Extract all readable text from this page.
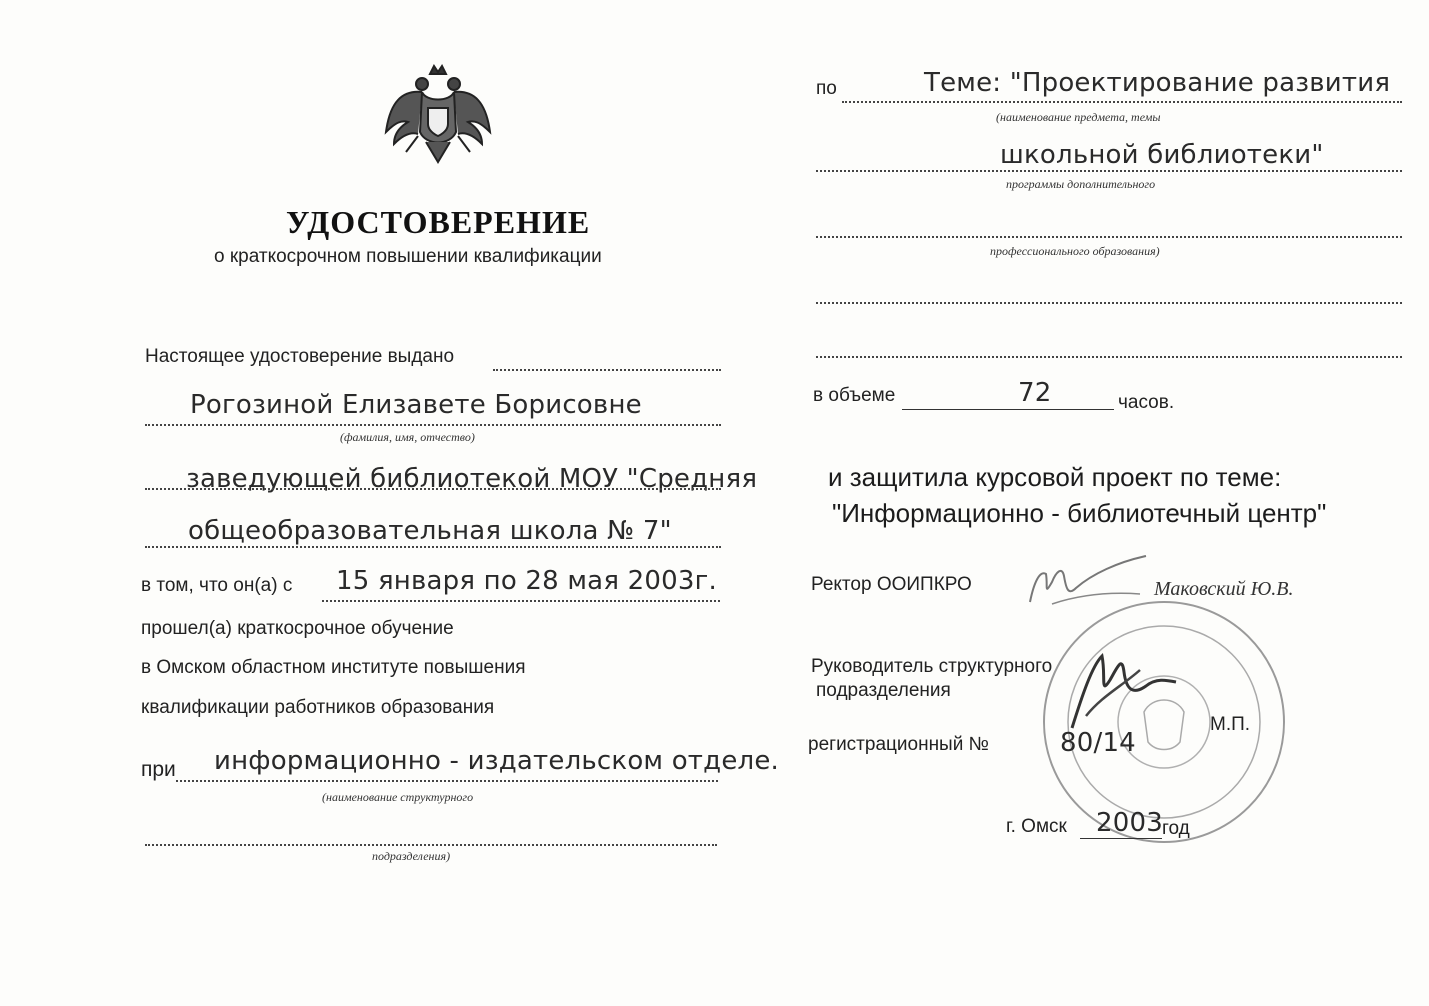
УДОСТОВЕРЕНИЕ
о краткосрочном повышении квалификации
Настоящее удостоверение выдано
Рогозиной Елизавете Борисовне
(фамилия, имя, отчество)
заведующей библиотекой МОУ "Средняя
общеобразовательная школа № 7"
в том, что он(а) с 15 января по 28 мая 2003г.
прошел(а) краткосрочное обучение
в Омском областном институте повышения
квалификации работников образования
при информационно - издательском отделе.
(наименование структурного
подразделения)
по	Теме: "Проектирование развития
(наименование предмета, темы
школьной библиотеки"
программы дополнительного
профессионального образования)
в объеме	72	часов.
и защитила курсовой проект по теме:
"Информационно - библиотечный центр"
Ректор ООИПКРО	Маковский Ю.В.
Руководитель структурного
подразделения
М.П.
регистрационный №	80/14
г. Омск 2003 год
